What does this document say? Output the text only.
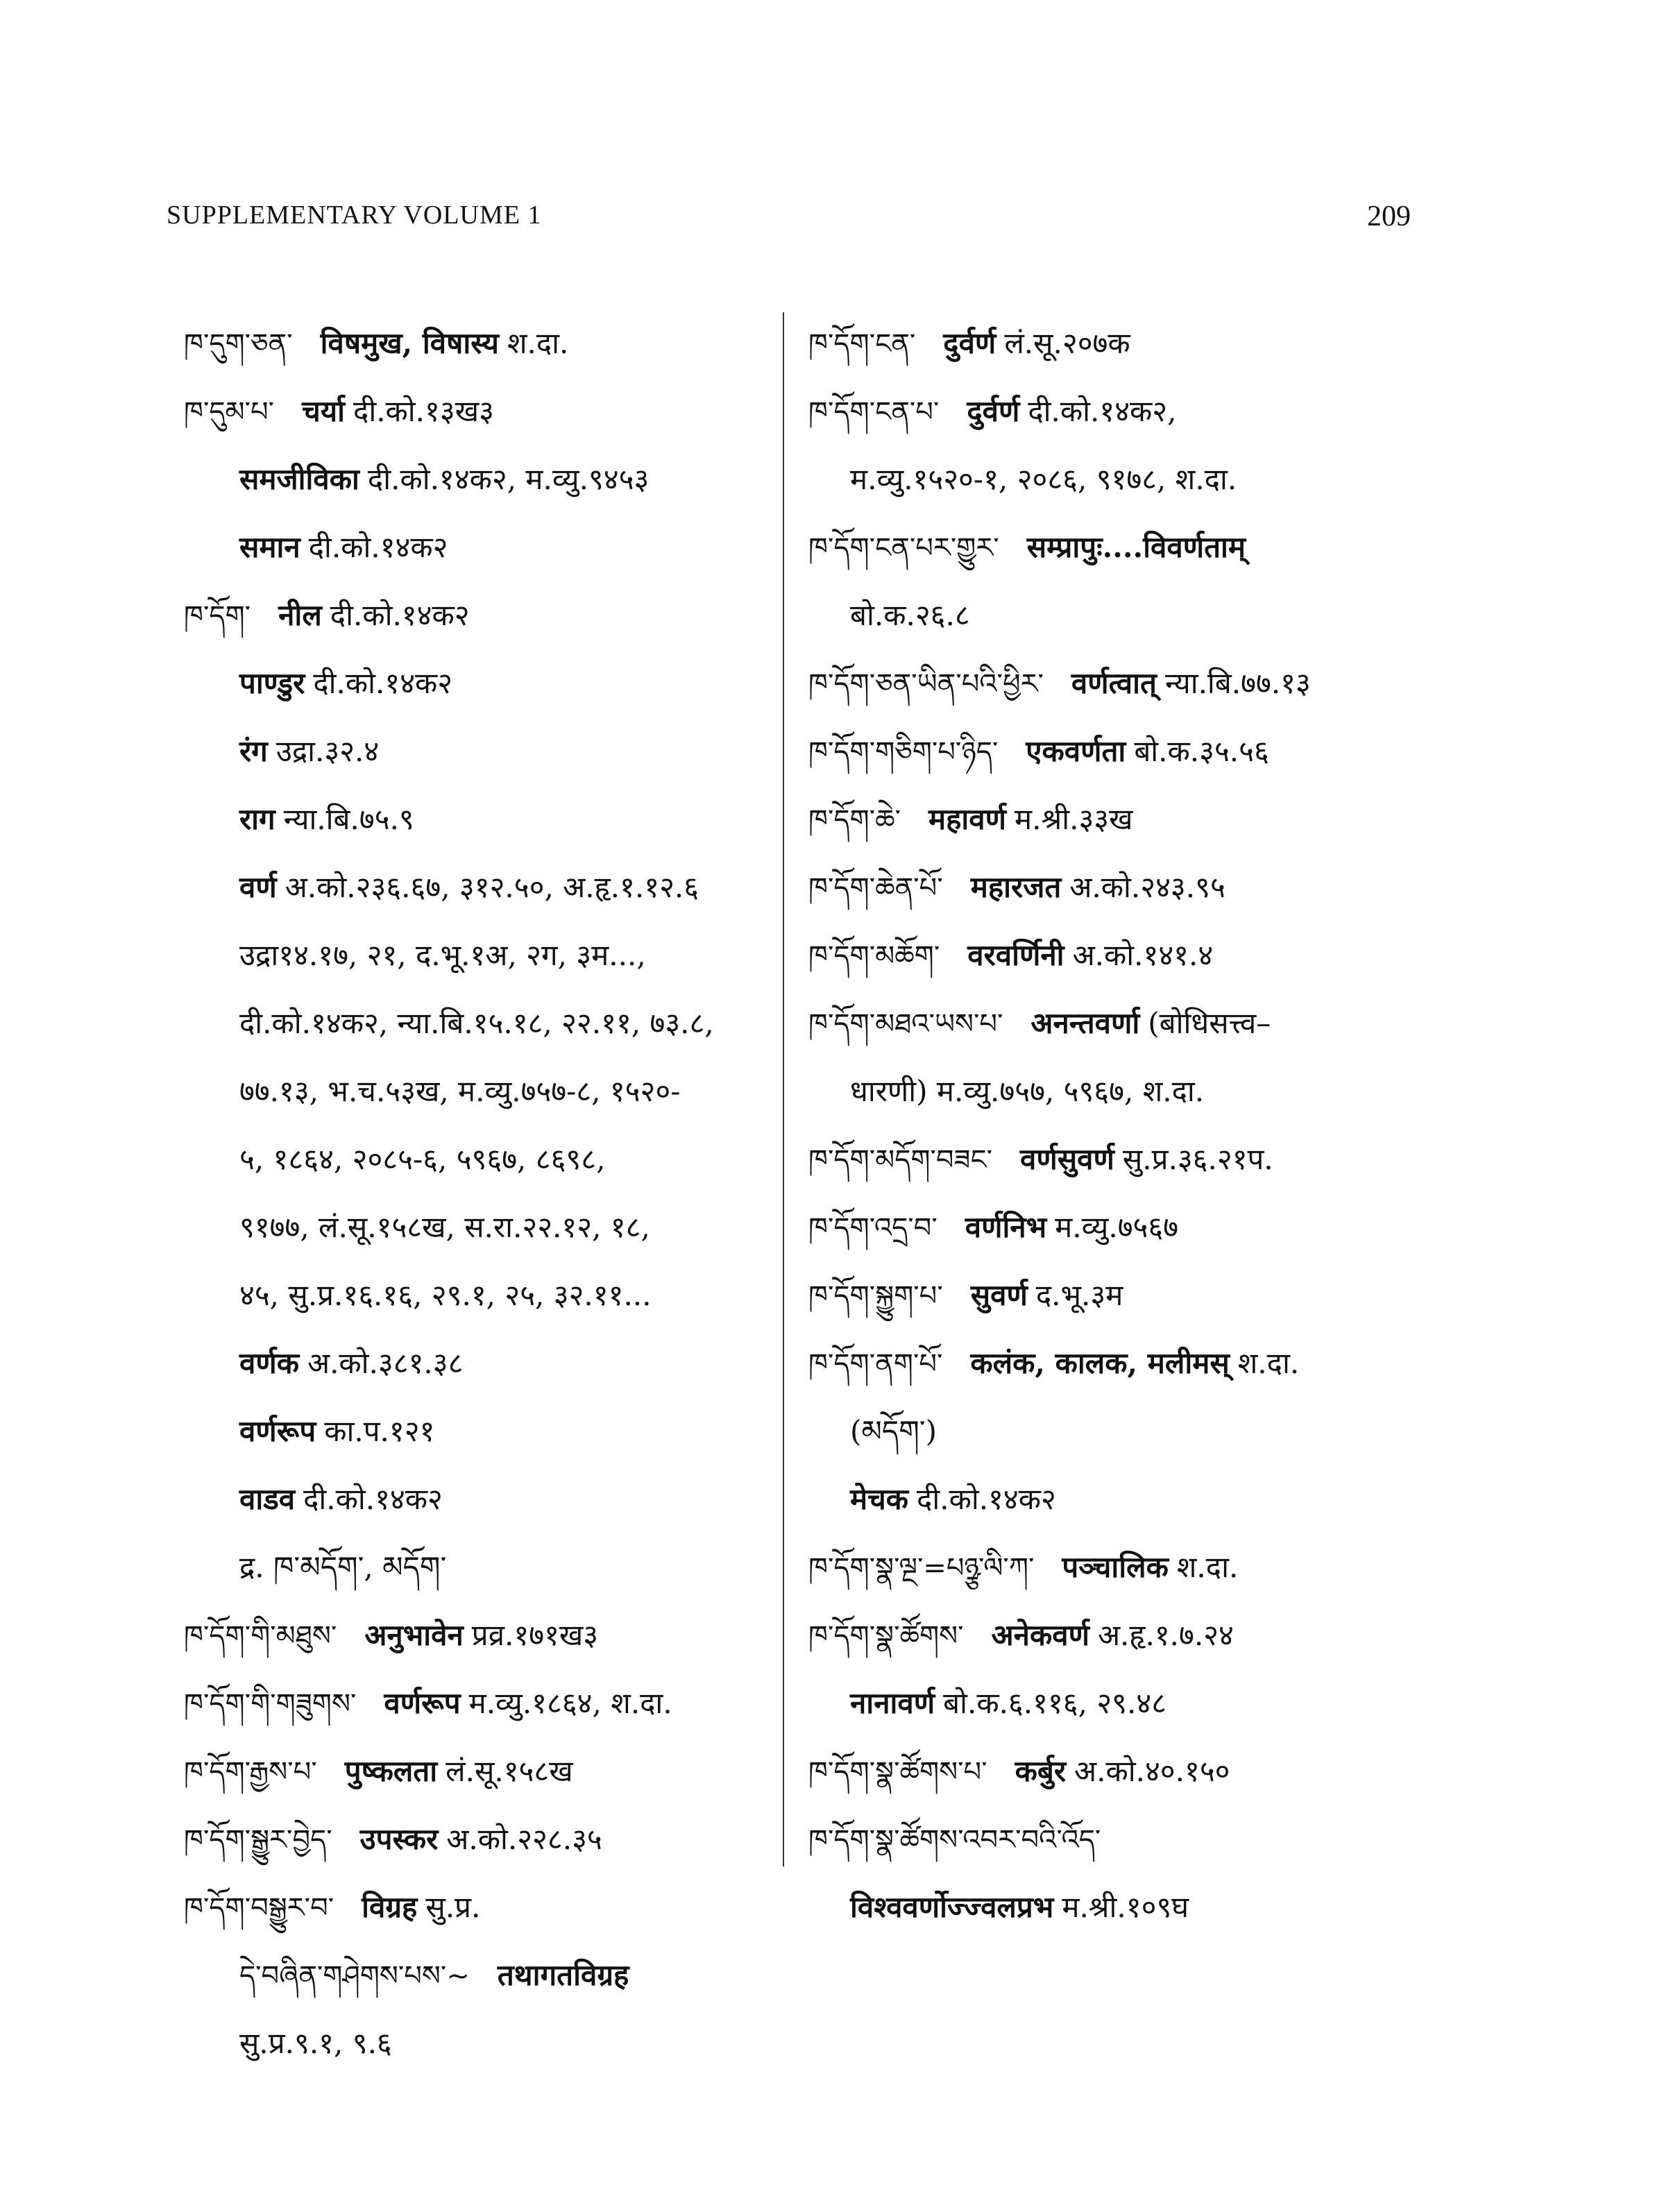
SUPPLEMENTARY VOLUME 1	209
ཁ་དུག་ཅན་ विषमुख, विषास्य श.दा.
ཁ་དུམ་པ་ चर्या दी.को.१३ख३
समजीविका दी.को.१४क२, म.व्यु.९४५३
समान दी.को.१४क२
ཁ་དོག་ नील दी.को.१४क२
पाण्डुर दी.को.१४क२
रंग उद्रा.३२.४
राग न्या.बि.७५.९
वर्ण अ.को.२३६.६७, ३१२.५०, अ.हृ.१.१२.६
उद्रा१४.१७, २१, द.भू.१अ, २ग, ३म...,
दी.को.१४क२, न्या.बि.१५.१८, २२.११, ७३.८,
७७.१३, भ.च.५३ख, म.व्यु.७५७-८, १५२०-
५, १८६४, २०८५-६, ५९६७, ८६९८,
९१७७, लं.सू.१५८ख, स.रा.२२.१२, १८,
४५, सु.प्र.१६.१६, २९.१, २५, ३२.११...
वर्णक अ.को.३८१.३८
वर्णरूप का.प.१२१
वाडव दी.को.१४क२
द्र. ཁ་མདོག་, མདོག་
ཁ་དོག་གི་མཐུས་ अनुभावेन प्रव्र.१७१ख३
ཁ་དོག་གི་གཟུགས་ वर्णरूप म.व्यु.१८६४, श.दा.
ཁ་དོག་རྒྱས་པ་ पुष्कलता लं.सू.१५८ख
ཁ་དོག་སྒྱུར་བྱེད་ उपस्कर अ.को.२२८.३५
ཁ་དོག་བསྒྱུར་བ་ विग्रह सु.प्र.
དེ་བཞིན་གཤེགས་པས་~ तथागतविग्रह
सु.प्र.९.१, ९.६
ཁ་དོག་ངན་ दुर्वर्ण लं.सू.२०७क
ཁ་དོག་ངན་པ་ दुर्वर्ण दी.को.१४क२,
म.व्यु.१५२०-१, २०८६, ९१७८, श.दा.
ཁ་དོག་ངན་པར་གྱུར་ सम्प्रापुः....विवर्णताम्
बो.क.२६.८
ཁ་དོག་ཅན་ཡིན་པའི་ཕྱིར་ वर्णत्वात् न्या.बि.७७.१३
ཁ་དོག་གཅིག་པ་ཉིད་ एकवर्णता बो.क.३५.५६
ཁ་དོག་ཆེ་ महावर्ण म.श्री.३३ख
ཁ་དོག་ཆེན་པོ་ महारजत अ.को.२४३.९५
ཁ་དོག་མཆོག་ वरवर्णिनी अ.को.१४१.४
ཁ་དོག་མཐའ་ཡས་པ་ अनन्तवर्णा (बोधिसत्त्व–
धारणी) म.व्यु.७५७, ५९६७, श.दा.
ཁ་དོག་མདོག་བཟང་ वर्णसुवर्ण सु.प्र.३६.२१प.
ཁ་དོག་འདྲ་བ་ वर्णनिभ म.व्यु.७५६७
ཁ་དོག་སྐྱུག་པ་ सुवर्ण द.भू.३म
ཁ་དོག་ནག་པོ་ कलंक, कालक, मलीमस् श.दा.
(མདོག་)
मेचक दी.को.१४क२
ཁ་དོག་སྣ་ལྔ་=པཉྩ་ལི་ཀ་ पञ्चालिक श.दा.
ཁ་དོག་སྣ་ཚོགས་ अनेकवर्ण अ.हृ.१.७.२४
नानावर्ण बो.क.६.११६, २९.४८
ཁ་དོག་སྣ་ཚོགས་པ་ कर्बुर अ.को.४०.१५०
ཁ་དོག་སྣ་ཚོགས་འབར་བའི་འོད་
विश्ववर्णोज्ज्वलप्रभ म.श्री.१०९घ
